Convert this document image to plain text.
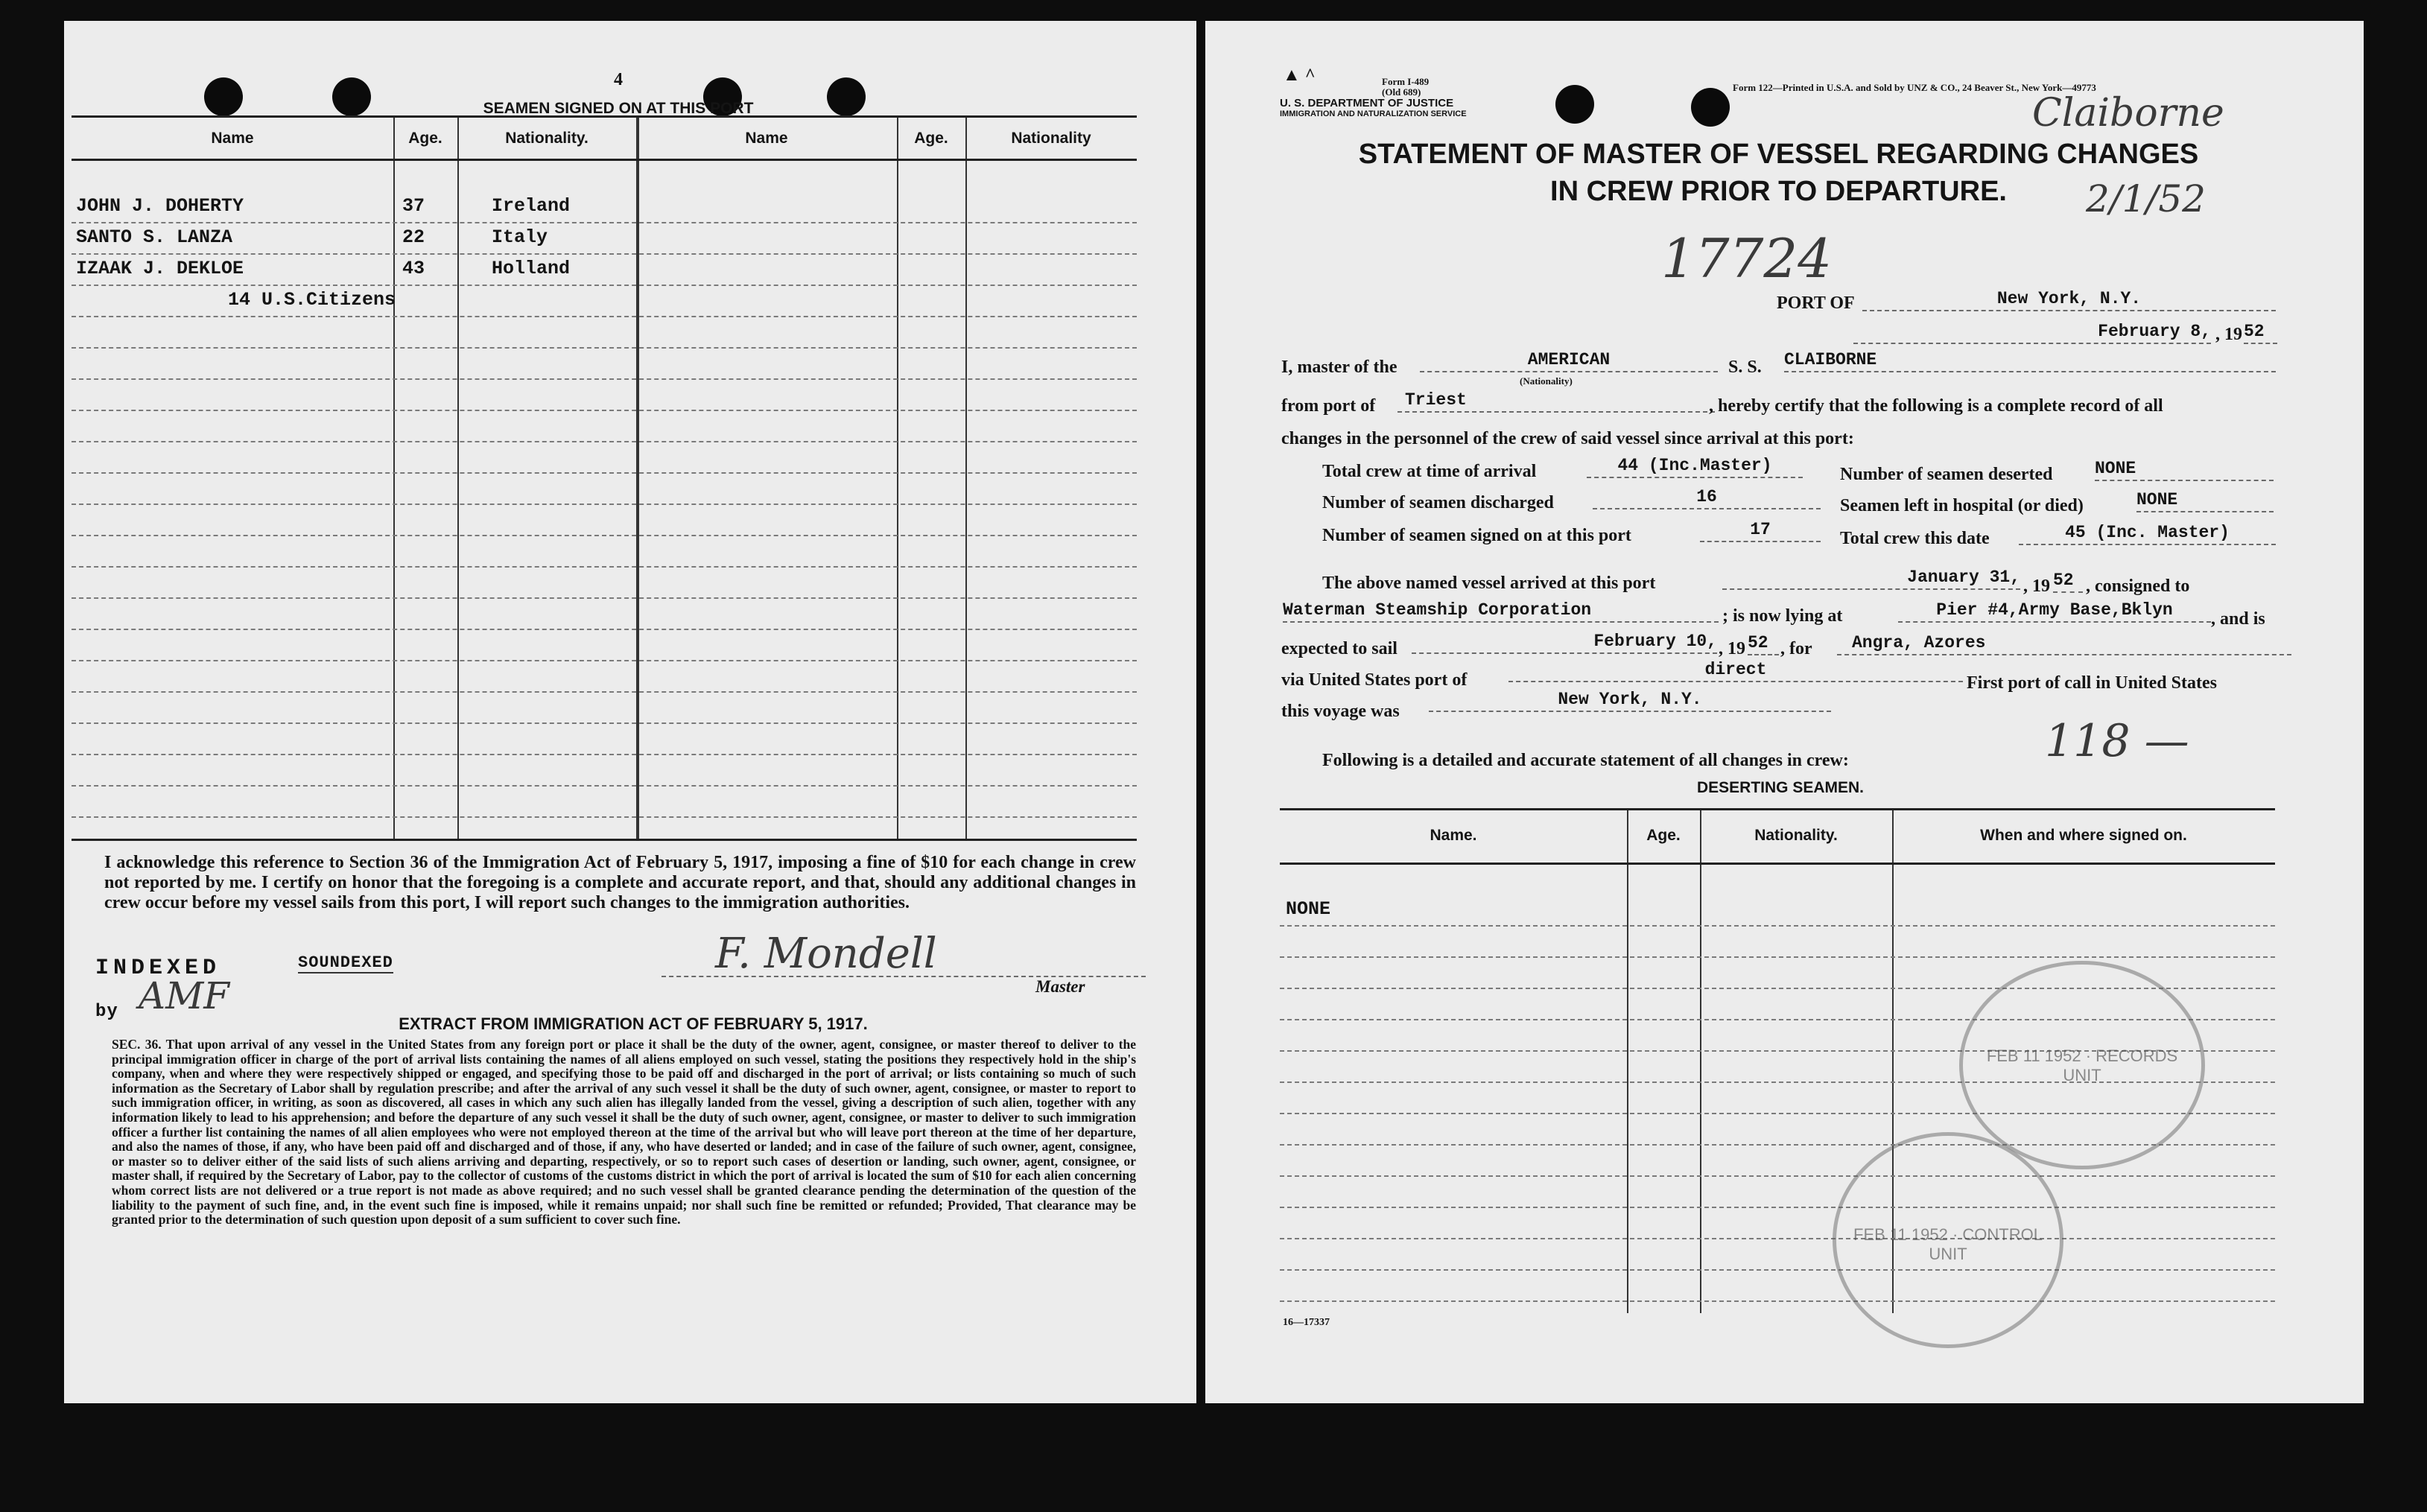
4
SEAMEN SIGNED ON AT THIS PORT
Name	Age.	Nationality.	Name	Age.	Nationality
JOHN J. DOHERTY	37	Ireland
SANTO S. LANZA	22	Italy
IZAAK J. DEKLOE	43	Holland
14 U.S.Citizens
I acknowledge this reference to Section 36 of the Immigration Act of February 5, 1917, imposing a fine of $10 for each change in crew not reported by me. I certify on honor that the foregoing is a complete and accurate report, and that, should any additional changes in crew occur before my vessel sails from this port, I will report such changes to the immigration authorities.
INDEXED	SOUNDEXED
by AMF
F. Mondell
Master
EXTRACT FROM IMMIGRATION ACT OF FEBRUARY 5, 1917.
SEC. 36. That upon arrival of any vessel in the United States from any foreign port or place it shall be the duty of the owner, agent, consignee, or master thereof to deliver to the principal immigration officer in charge of the port of arrival lists containing the names of all aliens employed on such vessel, stating the positions they respectively hold in the ship's company, when and where they were respectively shipped or engaged, and specifying those to be paid off and discharged in the port of arrival; or lists containing so much of such information as the Secretary of Labor shall by regulation prescribe; and after the arrival of any such vessel it shall be the duty of such owner, agent, consignee, or master to report to such immigration officer, in writing, as soon as discovered, all cases in which any such alien has illegally landed from the vessel, giving a description of such alien, together with any information likely to lead to his apprehension; and before the departure of any such vessel it shall be the duty of such owner, agent, consignee, or master to deliver to such immigration officer a further list containing the names of all alien employees who were not employed thereon at the time of the arrival but who will leave port thereon at the time of her departure, and also the names of those, if any, who have been paid off and discharged and of those, if any, who have deserted or landed; and in case of the failure of such owner, agent, consignee, or master so to deliver either of the said lists of such aliens arriving and departing, respectively, or so to report such cases of desertion or landing, such owner, agent, consignee, or master shall, if required by the Secretary of Labor, pay to the collector of customs of the customs district in which the port of arrival is located the sum of $10 for each alien concerning whom correct lists are not delivered or a true report is not made as above required; and no such vessel shall be granted clearance pending the determination of the question of the liability to the payment of such fine, and, in the event such fine is imposed, while it remains unpaid; nor shall such fine be remitted or refunded; Provided, That clearance may be granted prior to the determination of such question upon deposit of a sum sufficient to cover such fine.
▲ ^	Form I-489
(Old 689)
U. S. DEPARTMENT OF JUSTICE
IMMIGRATION AND NATURALIZATION SERVICE
Form 122—Printed in U.S.A. and Sold by UNZ & CO., 24 Beaver St., New York—49773
Claiborne
2/1/52
STATEMENT OF MASTER OF VESSEL REGARDING CHANGES
IN CREW PRIOR TO DEPARTURE.
17724
PORT OF	New York, N.Y.
February 8, , 19 52
I, master of the	AMERICAN
(Nationality)
S. S. CLAIBORNE
from port of	Triest	, hereby certify that the following is a complete record of all
changes in the personnel of the crew of said vessel since arrival at this port:
Total crew at time of arrival	44 (Inc.Master)	Number of seamen deserted NONE
Number of seamen discharged	16	Seamen left in hospital (or died)	NONE
Number of seamen signed on at this port	17	Total crew this date	45 (Inc. Master)
The above named vessel arrived at this port	January 31, , 19 52 , consigned to
Waterman Steamship Corporation	; is now lying at	Pier #4,Army Base,Bklyn	, and is
expected to sail	February 10, , 19 52 , for	Angra, Azores
via United States port of
direct
First port of call in United States
this voyage was
New York, N.Y.
Following is a detailed and accurate statement of all changes in crew:	118 —
DESERTING SEAMEN.
Name.	Age.	Nationality.	When and where signed on.
NONE
FEB 11 1952 · RECORDS UNIT
FEB 11 1952 · CONTROL UNIT
16—17337
